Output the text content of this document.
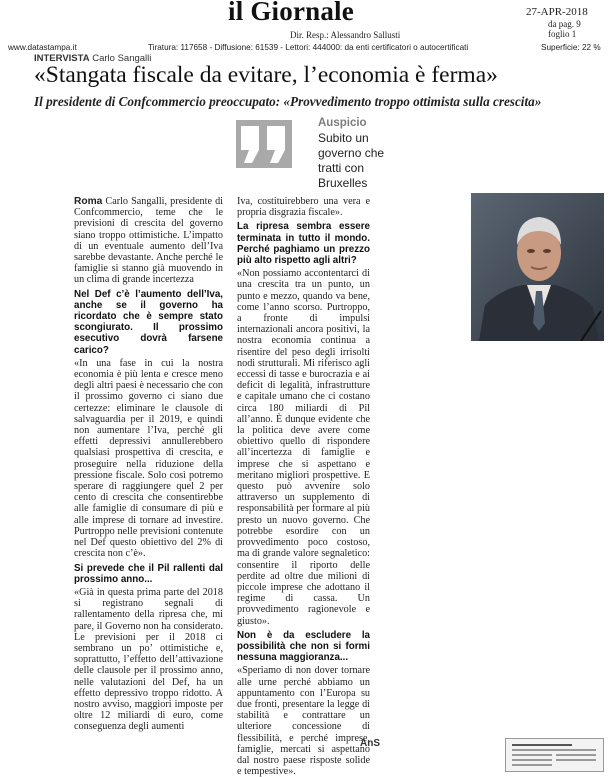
il Giornale	27-APR-2018
da pag. 9
foglio 1
Dir. Resp.: Alessandro Sallusti
www.datastampa.it	Tiratura: 117658 - Diffusione: 61539 - Lettori: 444000: da enti certificatori o autocertificati	Superficie: 22 %
INTERVISTA Carlo Sangalli
«Stangata fiscale da evitare, l’economia è ferma»
Il presidente di Confcommercio preoccupato: «Provvedimento troppo ottimista sulla crescita»
Auspicio
Subito un governo che tratti con Bruxelles

Roma Carlo Sangalli, presidente di Confcommercio, teme che le previsioni di crescita del governo siano troppo ottimistiche. L’impatto di un eventuale aumento dell’Iva sarebbe devastante. Anche perché le famiglie si stanno già muovendo in un clima di grande incertezza

Nel Def c’è l’aumento dell’Iva, anche se il governo ha ricordato che è sempre stato scongiurato. Il prossimo esecutivo dovrà farsene carico?

«In una fase in cui la nostra economia è più lenta e cresce meno degli altri paesi è necessario che con il prossimo governo ci siano due certezze: eliminare le clausole di salvaguardia per il 2019, e quindi non aumentare l’Iva, perché gli effetti depressivi annullerebbero qualsiasi prospettiva di crescita, e proseguire nella riduzione della pressione fiscale. Solo così potremo sperare di raggiungere quel 2 per cento di crescita che consentirebbe alle famiglie di consumare di più e alle imprese di tornare ad investire. Purtroppo nelle previsioni contenute nel Def questo obiettivo del 2% di crescita non c’è».

Si prevede che il Pil rallenti dal prossimo anno...

«Già in questa prima parte del 2018 si registrano segnali di rallentamento della ripresa che, mi pare, il Governo non ha considerato. Le previsioni per il 2018 ci sembrano un po’ ottimistiche e, soprattutto, l’effetto dell’attivazione delle clausole per il prossimo anno, nelle valutazioni del Def, ha un effetto depressivo troppo ridotto. A nostro avviso, maggiori imposte per oltre 12 miliardi di euro, come conseguenza degli aumenti

Iva, costituirebbero una vera e propria disgrazia fiscale».

La ripresa sembra essere terminata in tutto il mondo. Perché paghiamo un prezzo più alto rispetto agli altri?

«Non possiamo accontentarci di una crescita tra un punto, un punto e mezzo, quando va bene, come l’anno scorso. Purtroppo, a fronte di impulsi internazionali ancora positivi, la nostra economia continua a risentire del peso degli irrisolti nodi strutturali. Mi riferisco agli eccessi di tasse e burocrazia e ai deficit di legalità, infrastrutture e capitale umano che ci costano circa 180 miliardi di Pil all’anno. È dunque evidente che la politica deve avere come obiettivo quello di rispondere all’incertezza di famiglie e imprese che si aspettano e meritano migliori prospettive. E questo può avvenire solo attraverso un supplemento di responsabilità per formare al più presto un nuovo governo. Che potrebbe esordire con un provvedimento poco costoso, ma di grande valore segnaletico: consentire il riporto delle perdite ad oltre due milioni di piccole imprese che adottano il regime di cassa. Un provvedimento ragionevole e giusto».

Non è da escludere la possibilità che non si formi nessuna maggioranza...

«Speriamo di non dover tornare alle urne perché abbiamo un appuntamento con l’Europa su due fronti, presentare la legge di stabilità e contrattare un ulteriore concessione di flessibilità, e perché imprese, famiglie, mercati si aspettano dal nostro paese risposte solide e tempestive».

AnS
